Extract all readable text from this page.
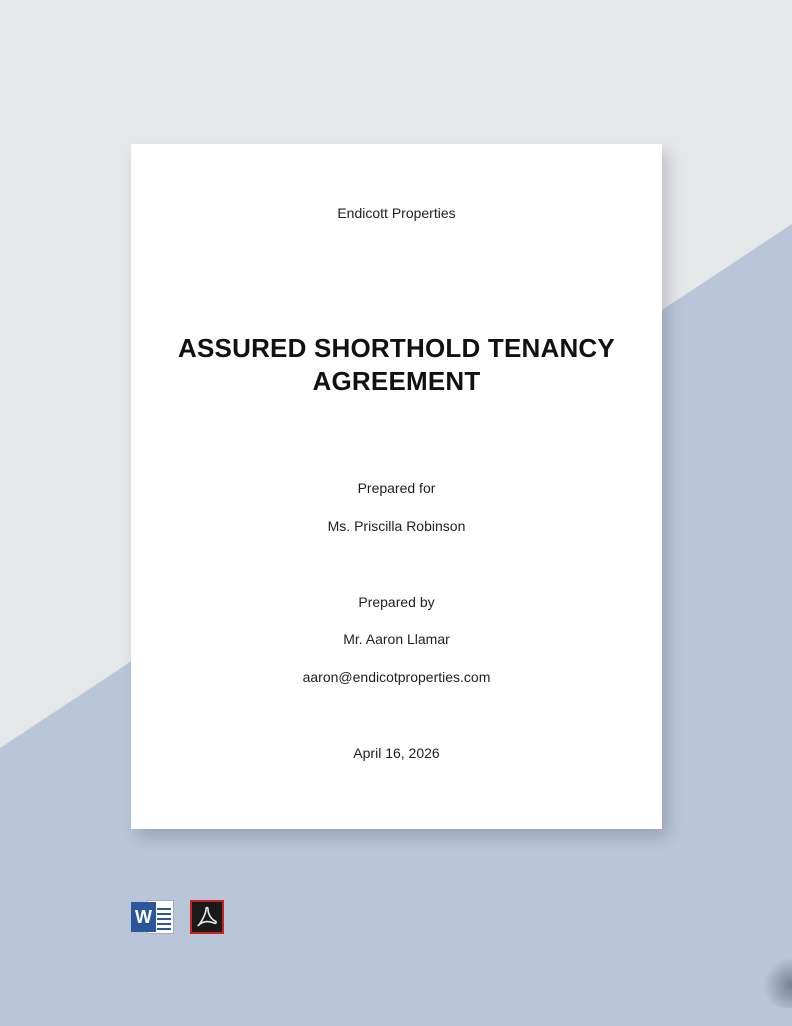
Endicott Properties
ASSURED SHORTHOLD TENANCY
AGREEMENT
Prepared for
Ms. Priscilla Robinson
Prepared by
Mr. Aaron Llamar
aaron@endicotproperties.com
April 16, 2026
W
